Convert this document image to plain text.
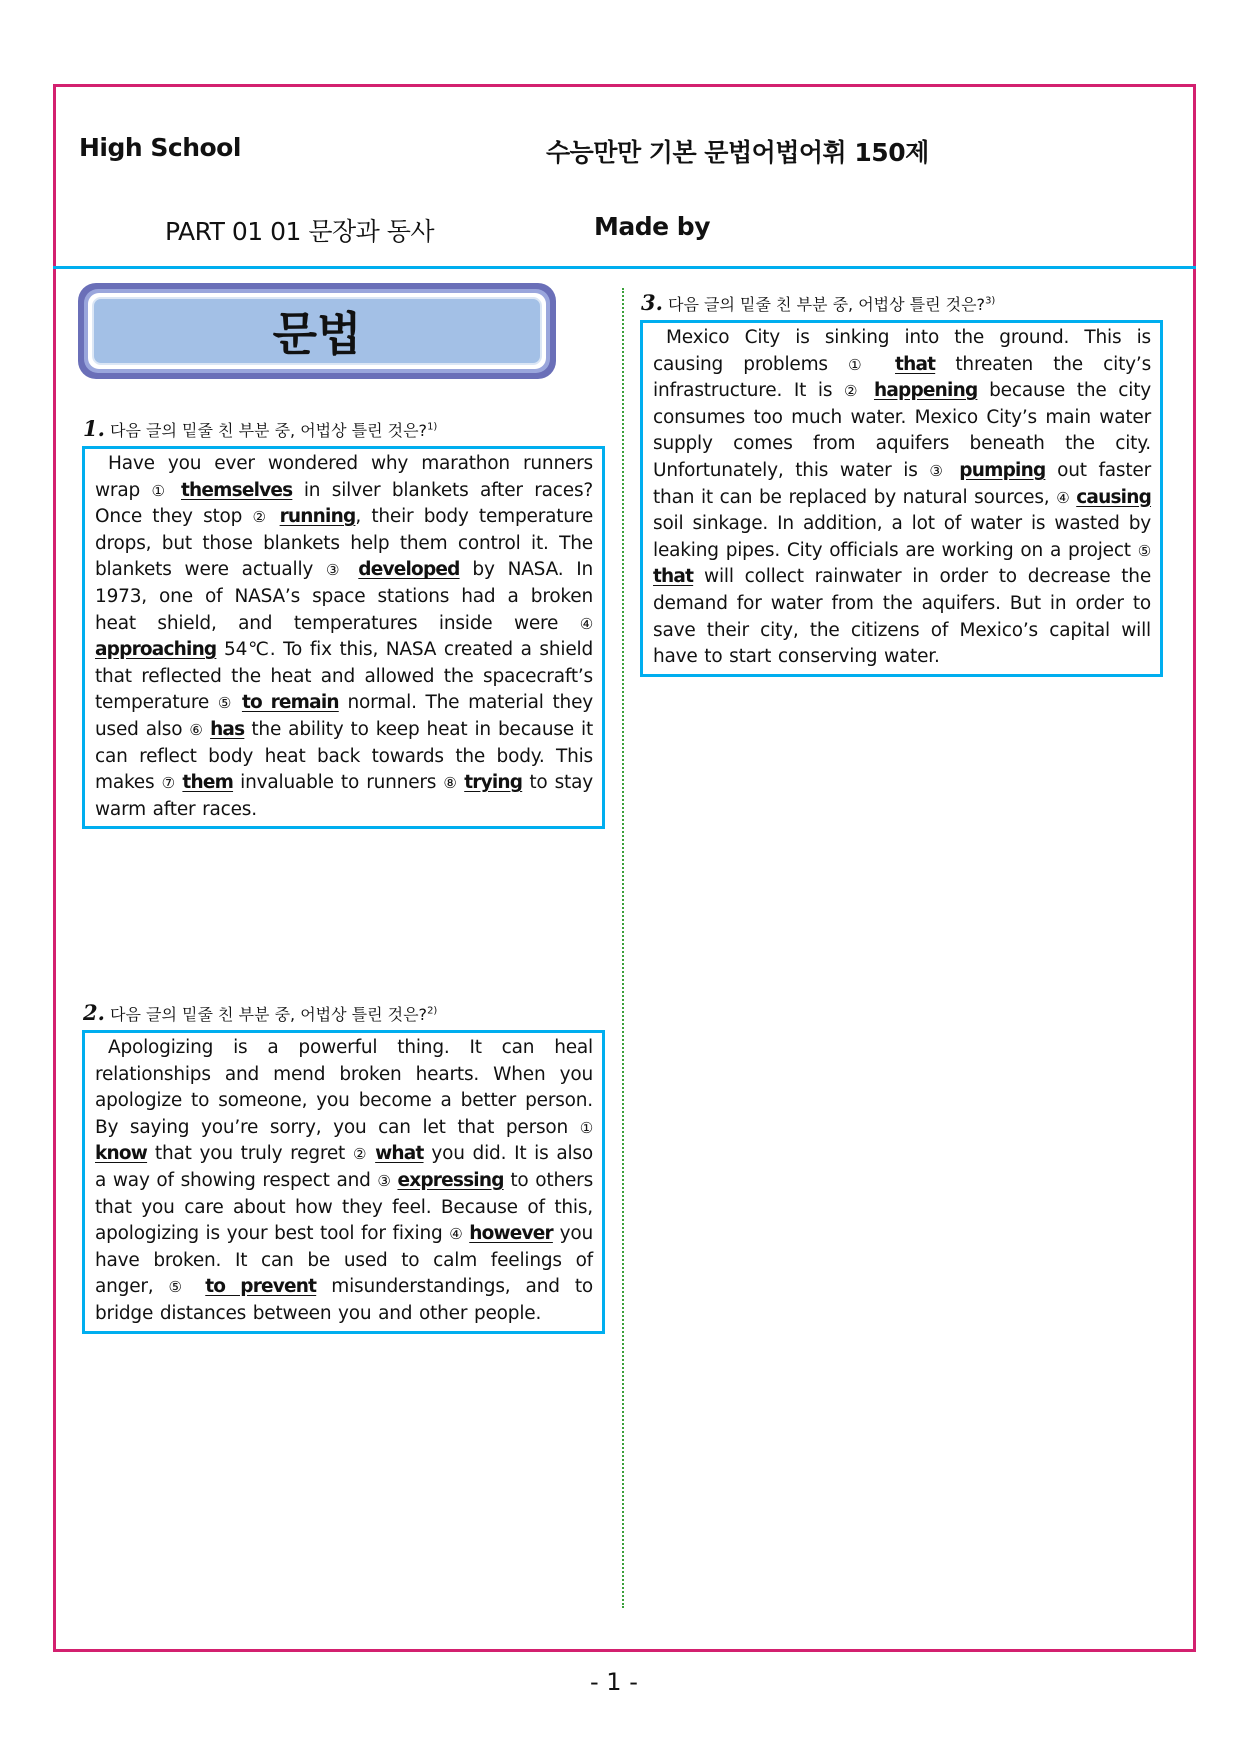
High School	수능만만 기본 문법어법어휘 150제
PART 01 01 문장과 동사	Made by
문법
1. 다음 글의 밑줄 친 부분 중, 어법상 틀린 것은?$^{1)}$
Have you ever wondered why marathon runners wrap ① themselves in silver blankets after races? Once they stop ② running, their body temperature drops, but those blankets help them control it. The blankets were actually ③ developed by NASA. In 1973, one of NASA’s space stations had a broken heat shield, and temperatures inside were ④ approaching 54℃. To fix this, NASA created a shield that reflected the heat and allowed the spacecraft’s temperature ⑤ to remain normal. The material they used also ⑥ has the ability to keep heat in because it can reflect body heat back towards the body. This makes ⑦ them invaluable to runners ⑧ trying to stay warm after races.
2. 다음 글의 밑줄 친 부분 중, 어법상 틀린 것은?$^{2)}$
Apologizing is a powerful thing. It can heal relationships and mend broken hearts. When you apologize to someone, you become a better person. By saying you’re sorry, you can let that person ① know that you truly regret ② what you did. It is also a way of showing respect and ③ expressing to others that you care about how they feel. Because of this, apologizing is your best tool for fixing ④ however you have broken. It can be used to calm feelings of anger, ⑤ to prevent misunderstandings, and to bridge distances between you and other people.
3. 다음 글의 밑줄 친 부분 중, 어법상 틀린 것은?$^{3)}$
Mexico City is sinking into the ground. This is causing problems ① that threaten the city’s infrastructure. It is ② happening because the city consumes too much water. Mexico City’s main water supply comes from aquifers beneath the city. Unfortunately, this water is ③ pumping out faster than it can be replaced by natural sources, ④ causing soil sinkage. In addition, a lot of water is wasted by leaking pipes. City officials are working on a project ⑤ that will collect rainwater in order to decrease the demand for water from the aquifers. But in order to save their city, the citizens of Mexico’s capital will have to start conserving water.
- 1 -
